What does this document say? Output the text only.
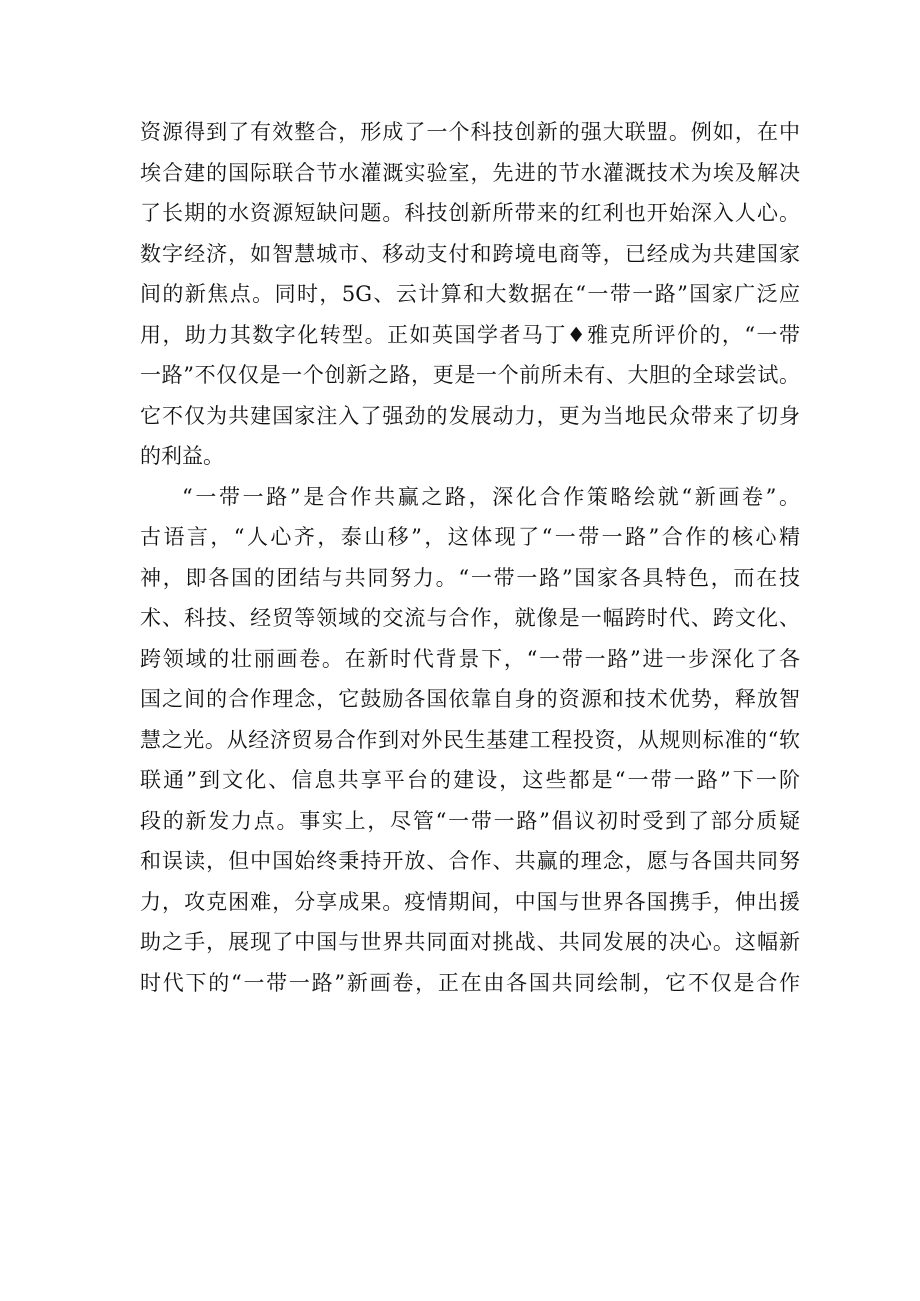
资源得到了有效整合，形成了一个科技创新的强大联盟。例如，在中
埃合建的国际联合节水灌溉实验室，先进的节水灌溉技术为埃及解决
了长期的水资源短缺问题。科技创新所带来的红利也开始深入人心。
数字经济，如智慧城市、移动支付和跨境电商等，已经成为共建国家
间的新焦点。同时，5G、云计算和大数据在“一带一路”国家广泛应
用，助力其数字化转型。正如英国学者马丁♦雅克所评价的，“一带
一路”不仅仅是一个创新之路，更是一个前所未有、大胆的全球尝试。
它不仅为共建国家注入了强劲的发展动力，更为当地民众带来了切身
的利益。
“一带一路”是合作共赢之路，深化合作策略绘就“新画卷”。
古语言，“人心齐，泰山移”，这体现了“一带一路”合作的核心精
神，即各国的团结与共同努力。“一带一路”国家各具特色，而在技
术、科技、经贸等领域的交流与合作，就像是一幅跨时代、跨文化、
跨领域的壮丽画卷。在新时代背景下，“一带一路”进一步深化了各
国之间的合作理念，它鼓励各国依靠自身的资源和技术优势，释放智
慧之光。从经济贸易合作到对外民生基建工程投资，从规则标准的“软
联通”到文化、信息共享平台的建设，这些都是“一带一路”下一阶
段的新发力点。事实上，尽管“一带一路”倡议初时受到了部分质疑
和误读，但中国始终秉持开放、合作、共赢的理念，愿与各国共同努
力，攻克困难，分享成果。疫情期间，中国与世界各国携手，伸出援
助之手，展现了中国与世界共同面对挑战、共同发展的决心。这幅新
时代下的“一带一路”新画卷，正在由各国共同绘制，它不仅是合作
